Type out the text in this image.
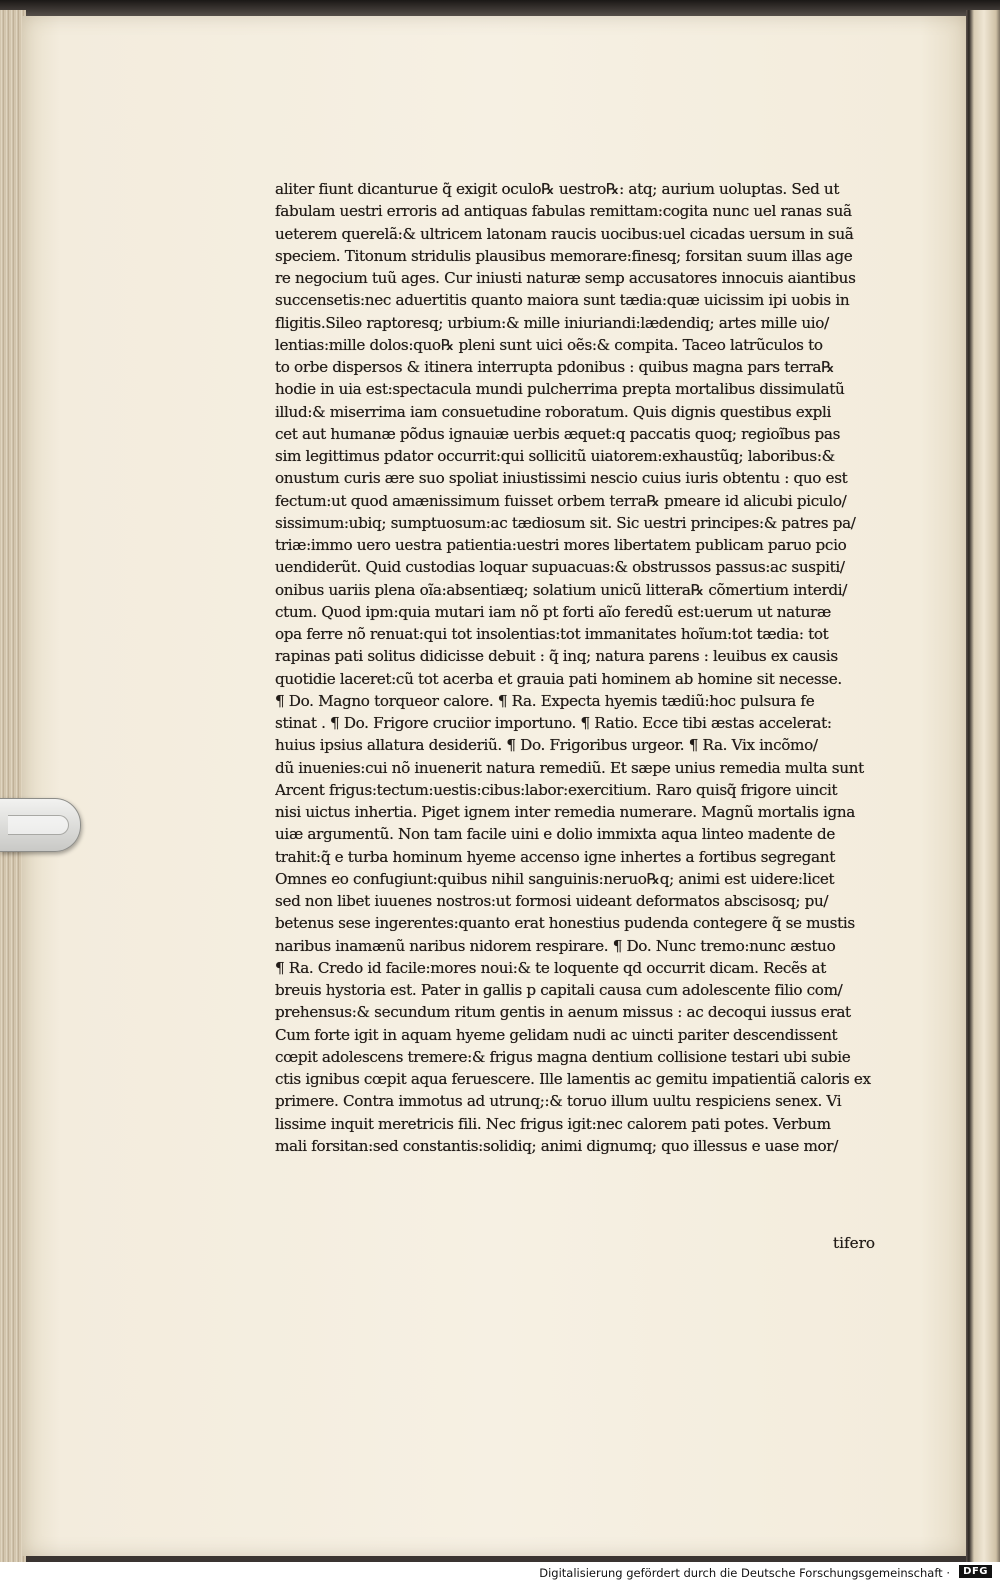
aliter fiunt dicanturue q̃ exigit oculo℞ uestro℞: atq; aurium uoluptas. Sed ut
fabulam uestri erroris ad antiquas fabulas remittam:cogita nunc uel ranas suã
ueterem querelã:& ultricem latonam raucis uocibus:uel cicadas uersum in suã
speciem. Titonum stridulis plausibus memorare:finesq; forsitan suum illas age
re negocium tuũ ages. Cur iniusti naturæ semp accusatores innocuis aiantibus
succensetis:nec aduertitis quanto maiora sunt tædia:quæ uicissim ipi uobis in
fligitis.Sileo raptoresq; urbium:& mille iniuriandi:lædendiq; artes mille uio/
lentias:mille dolos:quo℞ pleni sunt uici oẽs:& compita. Taceo latrũculos to
to orbe dispersos & itinera interrupta pdonibus : quibus magna pars terra℞
hodie in uia est:spectacula mundi pulcherrima prepta mortalibus dissimulatũ
illud:& miserrima iam consuetudine roboratum. Quis dignis questibus expli
cet aut humanæ põdus ignauiæ uerbis æquet:q paccatis quoq; regioĩbus pas
sim legittimus pdator occurrit:qui sollicitũ uiatorem:exhaustũq; laboribus:&
onustum curis ære suo spoliat iniustissimi nescio cuius iuris obtentu : quo est
fectum:ut quod amænissimum fuisset orbem terra℞ pmeare id alicubi piculo/
sissimum:ubiq; sumptuosum:ac tædiosum sit. Sic uestri principes:& patres pa/
triæ:immo uero uestra patientia:uestri mores libertatem publicam paruo pcio
uendiderũt. Quid custodias loquar supuacuas:& obstrussos passus:ac suspiti/
onibus uariis plena oĩa:absentiæq; solatium unicũ littera℞ cõmertium interdi/
ctum. Quod ipm:quia mutari iam nõ pt forti aĩo feredũ est:uerum ut naturæ
opa ferre nõ renuat:qui tot insolentias:tot immanitates hoĩum:tot tædia: tot
rapinas pati solitus didicisse debuit : q̃ inq; natura parens : leuibus ex causis
quotidie laceret:cũ tot acerba et grauia pati hominem ab homine sit necesse.
¶ Do. Magno torqueor calore. ¶ Ra. Expecta hyemis tædiũ:hoc pulsura fe
stinat . ¶ Do. Frigore cruciior importuno. ¶ Ratio. Ecce tibi æstas accelerat:
huius ipsius allatura desideriũ. ¶ Do. Frigoribus urgeor. ¶ Ra. Vix incõmo/
dũ inuenies:cui nõ inuenerit natura remediũ. Et sæpe unius remedia multa sunt
Arcent frigus:tectum:uestis:cibus:labor:exercitium. Raro quisq̃ frigore uincit
nisi uictus inhertia. Piget ignem inter remedia numerare. Magnũ mortalis igna
uiæ argumentũ. Non tam facile uini e dolio immixta aqua linteo madente de
trahit:q̃ e turba hominum hyeme accenso igne inhertes a fortibus segregant
Omnes eo confugiunt:quibus nihil sanguinis:neruo℞q; animi est uidere:licet
sed non libet iuuenes nostros:ut formosi uideant deformatos abscisosq; pu/
betenus sese ingerentes:quanto erat honestius pudenda contegere q̃ se mustis
naribus inamænũ naribus nidorem respirare. ¶ Do. Nunc tremo:nunc æstuo
¶ Ra. Credo id facile:mores noui:& te loquente qd occurrit dicam. Recẽs at
breuis hystoria est. Pater in gallis p capitali causa cum adolescente filio com/
prehensus:& secundum ritum gentis in aenum missus : ac decoqui iussus erat
Cum forte igit in aquam hyeme gelidam nudi ac uincti pariter descendissent
cœpit adolescens tremere:& frigus magna dentium collisione testari ubi subie
ctis ignibus cœpit aqua feruescere. Ille lamentis ac gemitu impatientiã caloris ex
primere. Contra immotus ad utrunq;:& toruo illum uultu respiciens senex. Vi
lissime inquit meretricis fili. Nec frigus igit:nec calorem pati potes. Verbum
mali forsitan:sed constantis:solidiq; animi dignumq; quo illessus e uase mor/
tifero
Digitalisierung gefördert durch die Deutsche Forschungsgemeinschaft ·	DFG
